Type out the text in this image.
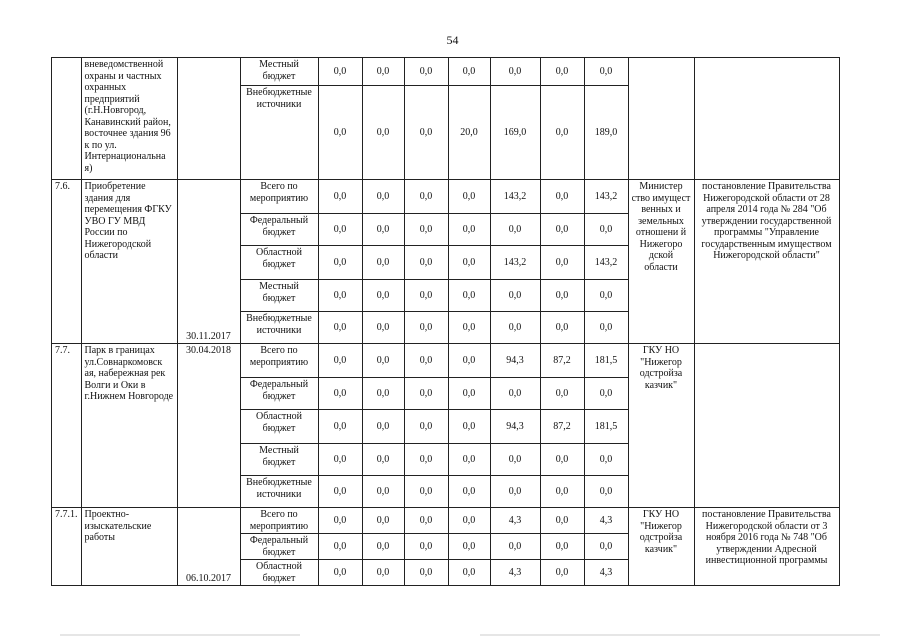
54
	вневедомственной охраны и частных охранных предприятий (г.Н.Новгород, Канавинский район, восточнее здания 96 к по ул. Интернациональна я)		Местный бюджет	0,0	0,0	0,0	0,0	0,0	0,0	0,0		
			Внебюджетные источники	0,0	0,0	0,0	20,0	169,0	0,0	189,0		
7.6.	Приобретение здания для перемещения ФГКУ УВО ГУ МВД России по Нижегородской области	30.11.2017	Всего по мероприятию	0,0	0,0	0,0	0,0	143,2	0,0	143,2	Министер ство имущест венных и земельных отношени й Нижегоро дской области	постановление Правительства Нижегородской области от 28 апреля 2014 года № 284 "Об утверждении государственной программы "Управление государственным имуществом Нижегородской области"
			Федеральный бюджет	0,0	0,0	0,0	0,0	0,0	0,0	0,0		
			Областной бюджет	0,0	0,0	0,0	0,0	143,2	0,0	143,2		
			Местный бюджет	0,0	0,0	0,0	0,0	0,0	0,0	0,0		
			Внебюджетные источники	0,0	0,0	0,0	0,0	0,0	0,0	0,0		
7.7.	Парк в границах ул.Совнаркомовск ая, набережная рек Волги и Оки в г.Нижнем Новгороде	30.04.2018	Всего по мероприятию	0,0	0,0	0,0	0,0	94,3	87,2	181,5	ГКУ НО "Нижегор одстройза казчик"	
			Федеральный бюджет	0,0	0,0	0,0	0,0	0,0	0,0	0,0		
			Областной бюджет	0,0	0,0	0,0	0,0	94,3	87,2	181,5		
			Местный бюджет	0,0	0,0	0,0	0,0	0,0	0,0	0,0		
			Внебюджетные источники	0,0	0,0	0,0	0,0	0,0	0,0	0,0		
7.7.1.	Проектно-изыскательские работы	06.10.2017	Всего по мероприятию	0,0	0,0	0,0	0,0	4,3	0,0	4,3	ГКУ НО "Нижегор одстройза казчик"	постановление Правительства Нижегородской области от 3 ноября 2016 года № 748 "Об утверждении Адресной инвестиционной программы
			Федеральный бюджет	0,0	0,0	0,0	0,0	0,0	0,0	0,0		
			Областной бюджет	0,0	0,0	0,0	0,0	4,3	0,0	4,3		
